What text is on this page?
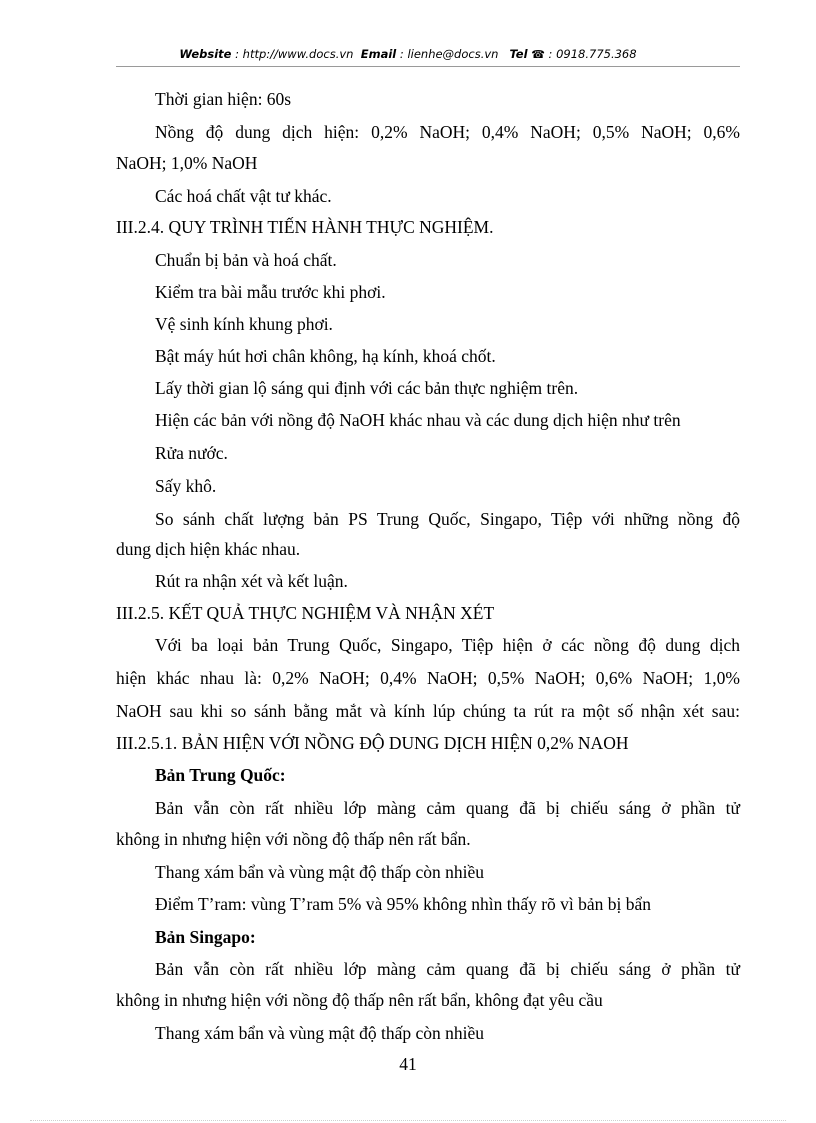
Website : http://www.docs.vn Email : lienhe@docs.vn Tel ☎ : 0918.775.368
Thời gian hiện: 60s
Nồng độ dung dịch hiện: 0,2% NaOH; 0,4% NaOH; 0,5% NaOH; 0,6%
NaOH; 1,0% NaOH
Các hoá chất vật tư khác.
III.2.4. QUY TRÌNH TIẾN HÀNH THỰC NGHIỆM.
Chuẩn bị bản và hoá chất.
Kiểm tra bài mẫu trước khi phơi.
Vệ sinh kính khung phơi.
Bật máy hút hơi chân không, hạ kính, khoá chốt.
Lấy thời gian lộ sáng qui định với các bản thực nghiệm trên.
Hiện các bản với nồng độ NaOH khác nhau và các dung dịch hiện như trên
Rửa nước.
Sấy khô.
So sánh chất lượng bản PS Trung Quốc, Singapo, Tiệp với những nồng độ
dung dịch hiện khác nhau.
Rút ra nhận xét và kết luận.
III.2.5. KẾT QUẢ THỰC NGHIỆM VÀ NHẬN XÉT
Với ba loại bản Trung Quốc, Singapo, Tiệp hiện ở các nồng độ dung dịch
hiện khác nhau là: 0,2% NaOH; 0,4% NaOH; 0,5% NaOH; 0,6% NaOH; 1,0%
NaOH sau khi so sánh bằng mắt và kính lúp chúng ta rút ra một số nhận xét sau:
III.2.5.1. BẢN HIỆN VỚI NỒNG ĐỘ DUNG DỊCH HIỆN 0,2% NAOH
Bản Trung Quốc:
Bản vẫn còn rất nhiều lớp màng cảm quang đã bị chiếu sáng ở phần tử
không in nhưng hiện với nồng độ thấp nên rất bẩn.
Thang xám bẩn và vùng mật độ thấp còn nhiều
Điểm T’ram: vùng T’ram 5% và 95% không nhìn thấy rõ vì bản bị bẩn
Bản Singapo:
Bản vẫn còn rất nhiều lớp màng cảm quang đã bị chiếu sáng ở phần tử
không in nhưng hiện với nồng độ thấp nên rất bẩn, không đạt yêu cầu
Thang xám bẩn và vùng mật độ thấp còn nhiều
41
